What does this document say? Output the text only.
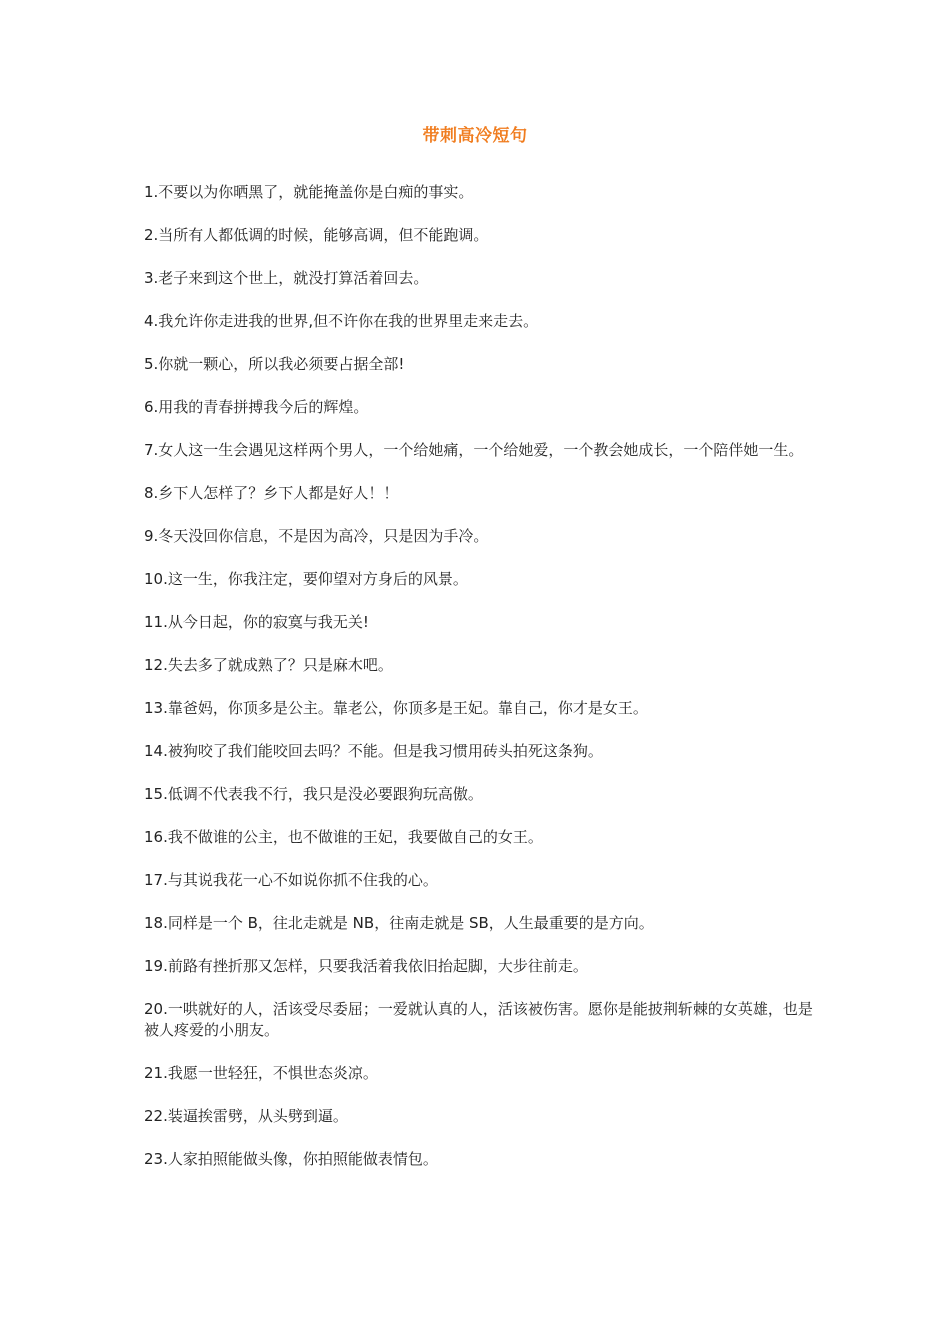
带刺高冷短句
1.不要以为你晒黑了，就能掩盖你是白痴的事实。
2.当所有人都低调的时候，能够高调，但不能跑调。
3.老子来到这个世上，就没打算活着回去。
4.我允许你走进我的世界,但不许你在我的世界里走来走去。
5.你就一颗心，所以我必须要占据全部!
6.用我的青春拼搏我今后的辉煌。
7.女人这一生会遇见这样两个男人，一个给她痛，一个给她爱，一个教会她成长，一个陪伴她一生。
8.乡下人怎样了？乡下人都是好人！！
9.冬天没回你信息，不是因为高冷，只是因为手冷。
10.这一生，你我注定，要仰望对方身后的风景。
11.从今日起，你的寂寞与我无关!
12.失去多了就成熟了？只是麻木吧。
13.靠爸妈，你顶多是公主。靠老公，你顶多是王妃。靠自己，你才是女王。
14.被狗咬了我们能咬回去吗？不能。但是我习惯用砖头拍死这条狗。
15.低调不代表我不行，我只是没必要跟狗玩高傲。
16.我不做谁的公主，也不做谁的王妃，我要做自己的女王。
17.与其说我花一心不如说你抓不住我的心。
18.同样是一个 B，往北走就是 NB，往南走就是 SB，人生最重要的是方向。
19.前路有挫折那又怎样，只要我活着我依旧抬起脚，大步往前走。
20.一哄就好的人，活该受尽委屈；一爱就认真的人，活该被伤害。愿你是能披荆斩棘的女英雄，也是被人疼爱的小朋友。
21.我愿一世轻狂，不惧世态炎凉。
22.装逼挨雷劈，从头劈到逼。
23.人家拍照能做头像，你拍照能做表情包。
